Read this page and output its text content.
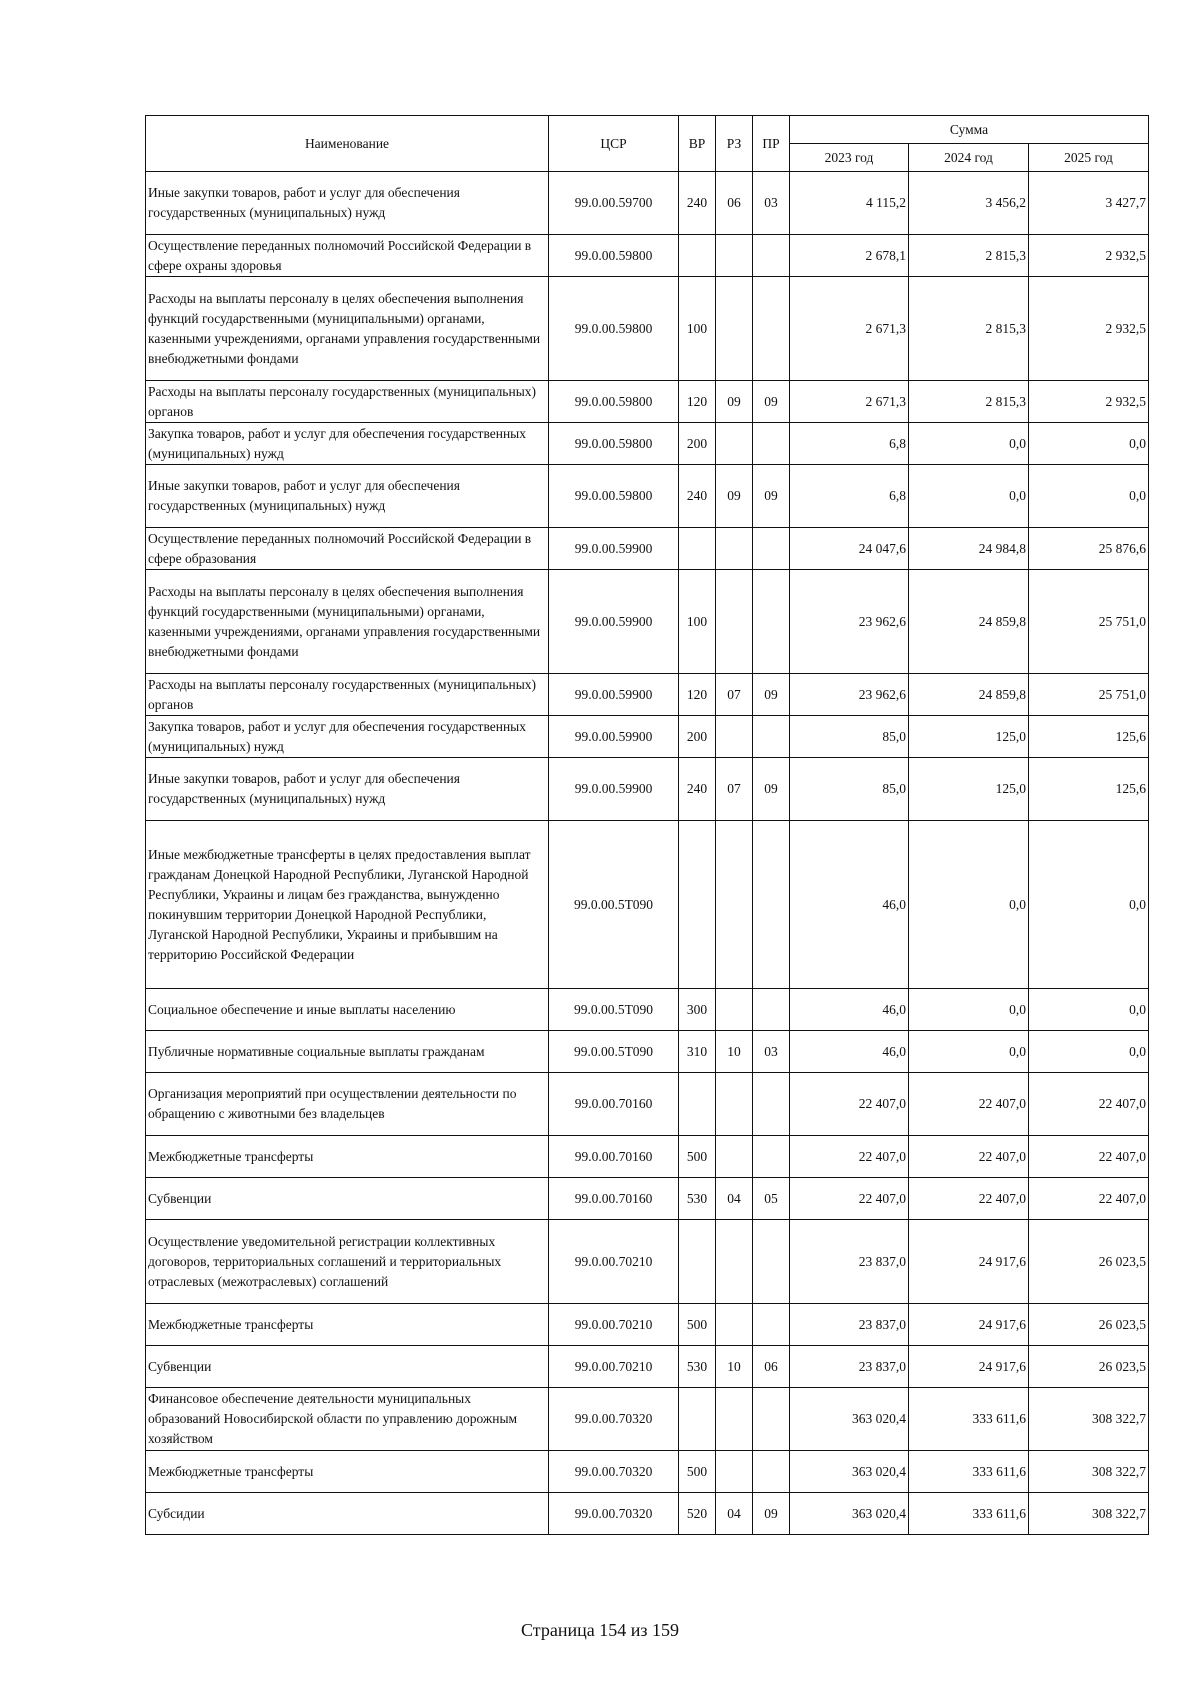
Наименование	ЦСР	ВР	РЗ	ПР	Сумма		
					2023 год	2024 год	2025 год
Иные закупки товаров, работ и услуг для обеспечения государственных (муниципальных) нужд	99.0.00.59700	240	06	03	4 115,2	3 456,2	3 427,7
Осуществление переданных полномочий Российской Федерации в сфере охраны здоровья	99.0.00.59800				2 678,1	2 815,3	2 932,5
Расходы на выплаты персоналу в целях обеспечения выполнения функций государственными (муниципальными) органами, казенными учреждениями, органами управления государственными внебюджетными фондами	99.0.00.59800	100			2 671,3	2 815,3	2 932,5
Расходы на выплаты персоналу государственных (муниципальных) органов	99.0.00.59800	120	09	09	2 671,3	2 815,3	2 932,5
Закупка товаров, работ и услуг для обеспечения государственных (муниципальных) нужд	99.0.00.59800	200			6,8	0,0	0,0
Иные закупки товаров, работ и услуг для обеспечения государственных (муниципальных) нужд	99.0.00.59800	240	09	09	6,8	0,0	0,0
Осуществление переданных полномочий Российской Федерации в сфере образования	99.0.00.59900				24 047,6	24 984,8	25 876,6
Расходы на выплаты персоналу в целях обеспечения выполнения функций государственными (муниципальными) органами, казенными учреждениями, органами управления государственными внебюджетными фондами	99.0.00.59900	100			23 962,6	24 859,8	25 751,0
Расходы на выплаты персоналу государственных (муниципальных) органов	99.0.00.59900	120	07	09	23 962,6	24 859,8	25 751,0
Закупка товаров, работ и услуг для обеспечения государственных (муниципальных) нужд	99.0.00.59900	200			85,0	125,0	125,6
Иные закупки товаров, работ и услуг для обеспечения государственных (муниципальных) нужд	99.0.00.59900	240	07	09	85,0	125,0	125,6
Иные межбюджетные трансферты в целях предоставления выплат гражданам Донецкой Народной Республики, Луганской Народной Республики, Украины и лицам без гражданства, вынужденно покинувшим территории Донецкой Народной Республики, Луганской Народной Республики, Украины и прибывшим на территорию Российской Федерации	99.0.00.5Т090				46,0	0,0	0,0
Социальное обеспечение и иные выплаты населению	99.0.00.5Т090	300			46,0	0,0	0,0
Публичные нормативные социальные выплаты гражданам	99.0.00.5Т090	310	10	03	46,0	0,0	0,0
Организация мероприятий при осуществлении деятельности по обращению с животными без владельцев	99.0.00.70160				22 407,0	22 407,0	22 407,0
Межбюджетные трансферты	99.0.00.70160	500			22 407,0	22 407,0	22 407,0
Субвенции	99.0.00.70160	530	04	05	22 407,0	22 407,0	22 407,0
Осуществление уведомительной регистрации коллективных договоров, территориальных соглашений и территориальных отраслевых (межотраслевых) соглашений	99.0.00.70210				23 837,0	24 917,6	26 023,5
Межбюджетные трансферты	99.0.00.70210	500			23 837,0	24 917,6	26 023,5
Субвенции	99.0.00.70210	530	10	06	23 837,0	24 917,6	26 023,5
Финансовое обеспечение деятельности муниципальных образований Новосибирской области по управлению дорожным хозяйством	99.0.00.70320				363 020,4	333 611,6	308 322,7
Межбюджетные трансферты	99.0.00.70320	500			363 020,4	333 611,6	308 322,7
Субсидии	99.0.00.70320	520	04	09	363 020,4	333 611,6	308 322,7
Страница 154 из 159
